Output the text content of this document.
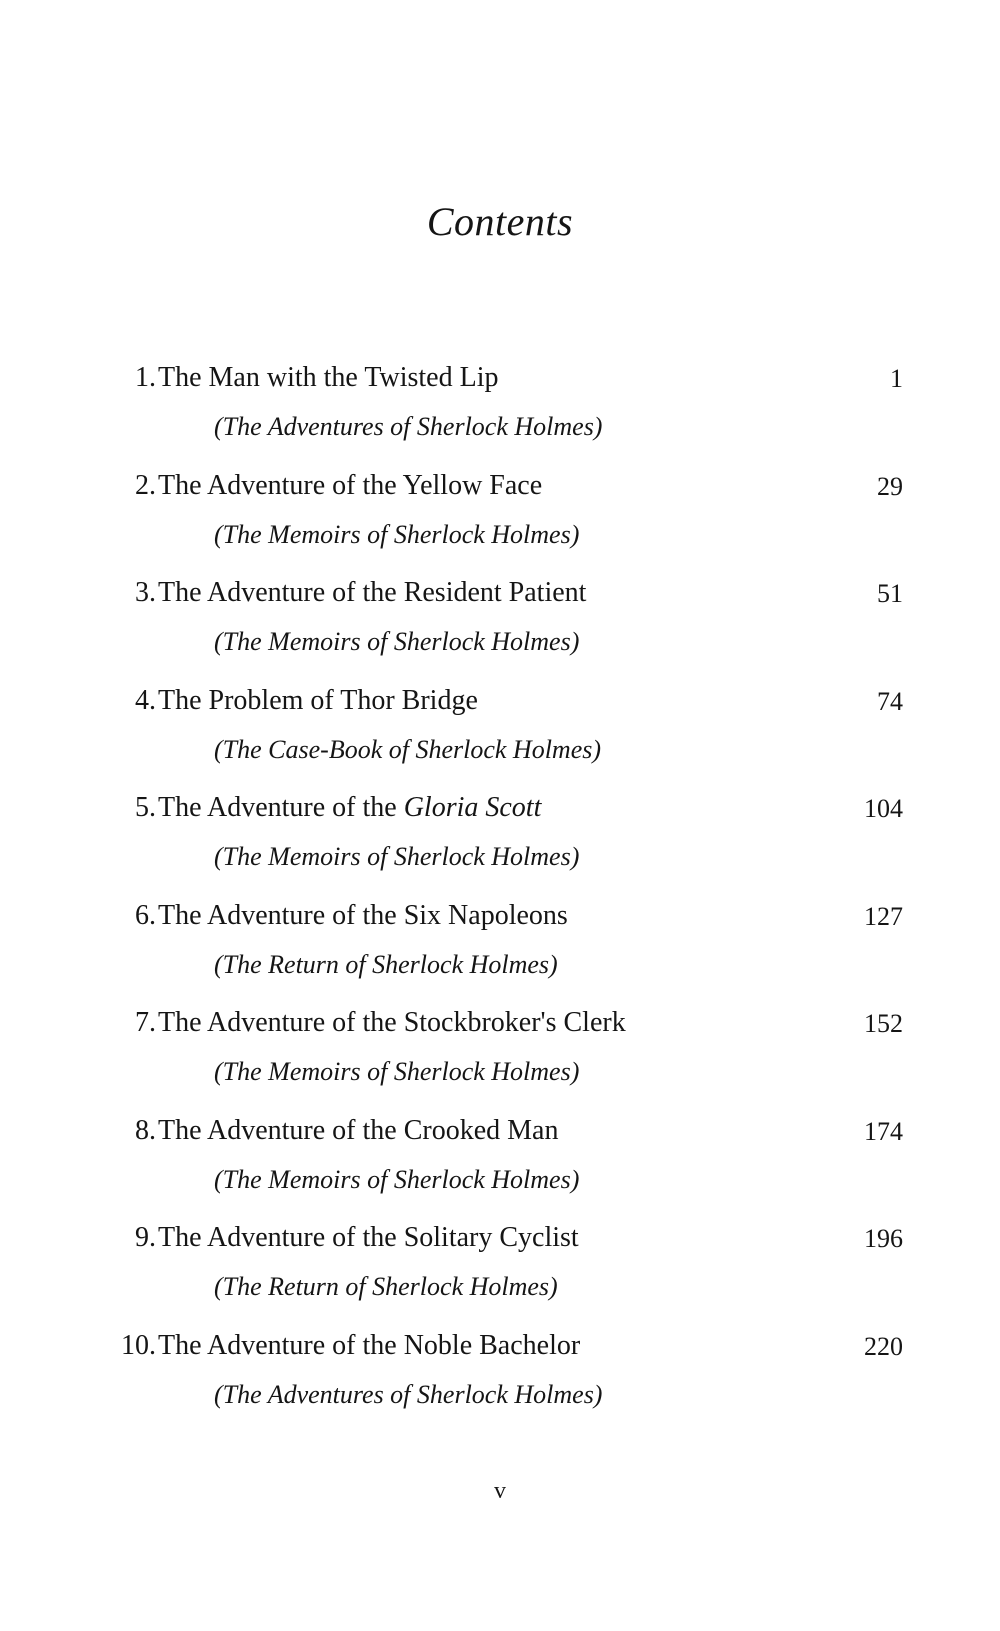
Contents
1. The Man with the Twisted Lip	1
(The Adventures of Sherlock Holmes)
2. The Adventure of the Yellow Face	29
(The Memoirs of Sherlock Holmes)
3. The Adventure of the Resident Patient	51
(The Memoirs of Sherlock Holmes)
4. The Problem of Thor Bridge	74
(The Case-Book of Sherlock Holmes)
5. The Adventure of the Gloria Scott	104
(The Memoirs of Sherlock Holmes)
6. The Adventure of the Six Napoleons	127
(The Return of Sherlock Holmes)
7. The Adventure of the Stockbroker's Clerk	152
(The Memoirs of Sherlock Holmes)
8. The Adventure of the Crooked Man	174
(The Memoirs of Sherlock Holmes)
9. The Adventure of the Solitary Cyclist	196
(The Return of Sherlock Holmes)
10. The Adventure of the Noble Bachelor	220
(The Adventures of Sherlock Holmes)
v
